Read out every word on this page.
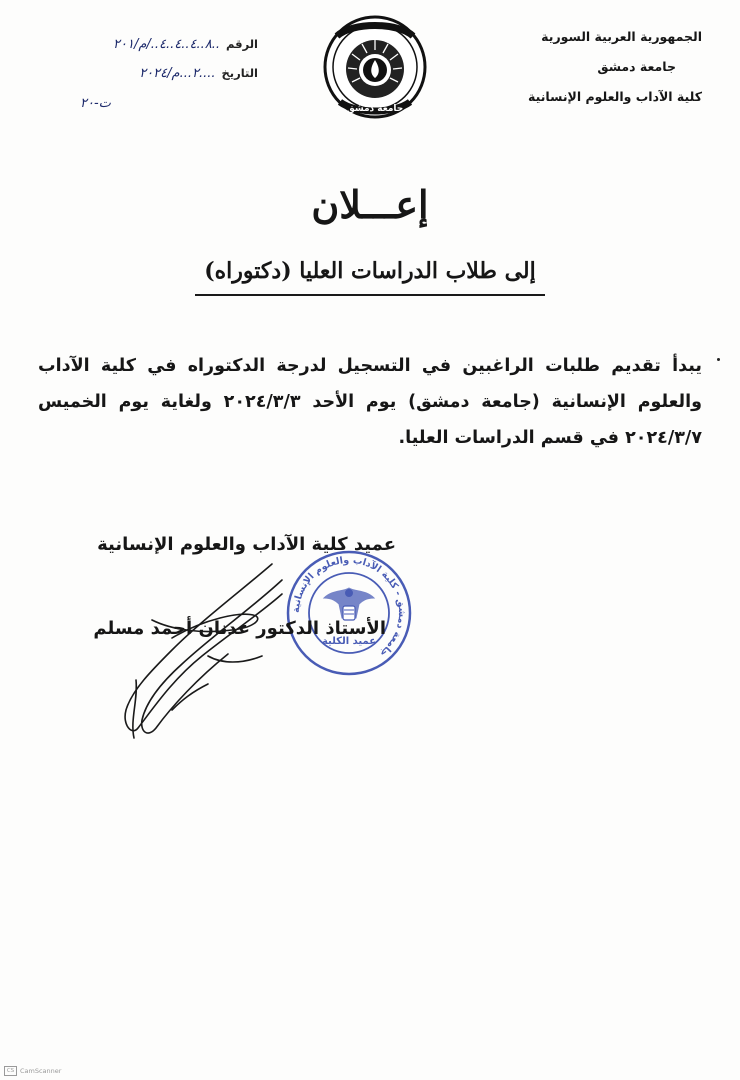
الجمهورية العربية السورية
جامعة دمشق
كلية الآداب والعلوم الإنسانية
جامعة دمشق
الرقم ..٨..٤..٤..٤../م/٢٠١
التاريخ ....٢...م/٢٠٢٤
ت-٢٠
إعـــلان
إلى طلاب الدراسات العليا (دكتوراه)
يبدأ تقديم طلبات الراغبين في التسجيل لدرجة الدكتوراه في كلية الآداب والعلوم الإنسانية (جامعة دمشق) يوم الأحد ٢٠٢٤/٣/٣ ولغاية يوم الخميس ٢٠٢٤/٣/٧ في قسم الدراسات العليا.
جامعة دمشق - كلية الآداب والعلوم الإنسانية
عميد الكلية
عميد كلية الآداب والعلوم الإنسانية
الأستاذ الدكتور عدنان أحمد مسلم
CS CamScanner
